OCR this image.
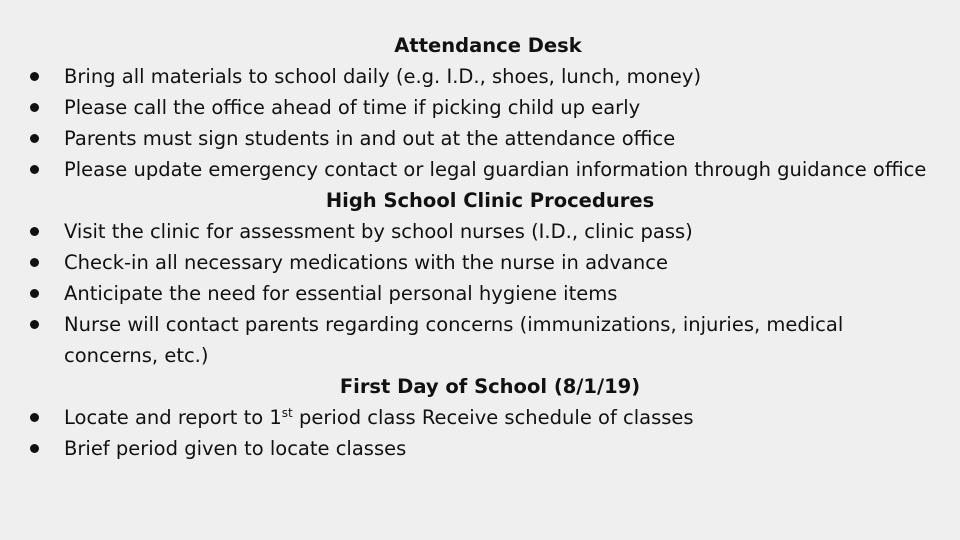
Attendance Desk
Bring all materials to school daily (e.g. I.D., shoes, lunch, money)
Please call the office ahead of time if picking child up early
Parents must sign students in and out at the attendance office
Please update emergency contact or legal guardian information through guidance office
High School Clinic Procedures
Visit the clinic for assessment by school nurses (I.D., clinic pass)
Check-in all necessary medications with the nurse in advance
Anticipate the need for essential personal hygiene items
Nurse will contact parents regarding concerns (immunizations, injuries, medical concerns, etc.)
First Day of School (8/1/19)
Locate and report to 1st period class Receive schedule of classes
Brief period given to locate classes
